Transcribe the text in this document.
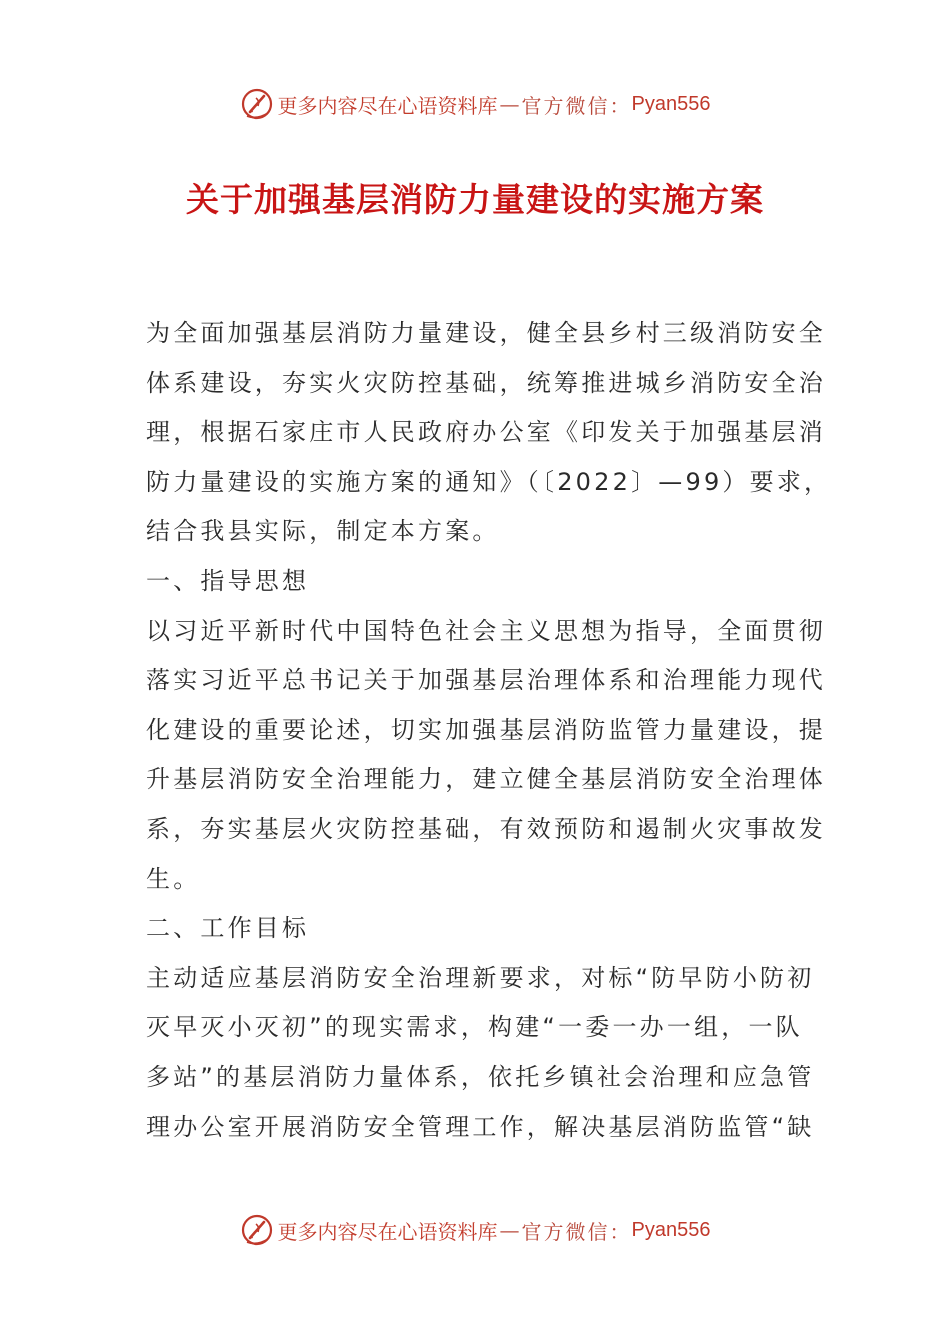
更多内容尽在心语资料库 — 官方微信： Pyan556
关于加强基层消防力量建设的实施方案

为全面加强基层消防力量建设，健全县乡村三级消防安全

体系建设，夯实火灾防控基础，统筹推进城乡消防安全治

理，根据石家庄市人民政府办公室《印发关于加强基层消

防力量建设的实施方案的通知》（〔2022〕—99）要求，

结合我县实际，制定本方案。

一、指导思想

以习近平新时代中国特色社会主义思想为指导，全面贯彻

落实习近平总书记关于加强基层治理体系和治理能力现代

化建设的重要论述，切实加强基层消防监管力量建设，提

升基层消防安全治理能力，建立健全基层消防安全治理体

系，夯实基层火灾防控基础，有效预防和遏制火灾事故发

生。

二、工作目标

主动适应基层消防安全治理新要求，对标“防早防小防初

灭早灭小灭初”的现实需求，构建“一委一办一组，一队

多站”的基层消防力量体系，依托乡镇社会治理和应急管

理办公室开展消防安全管理工作，解决基层消防监管“缺

更多内容尽在心语资料库 — 官方微信： Pyan556
